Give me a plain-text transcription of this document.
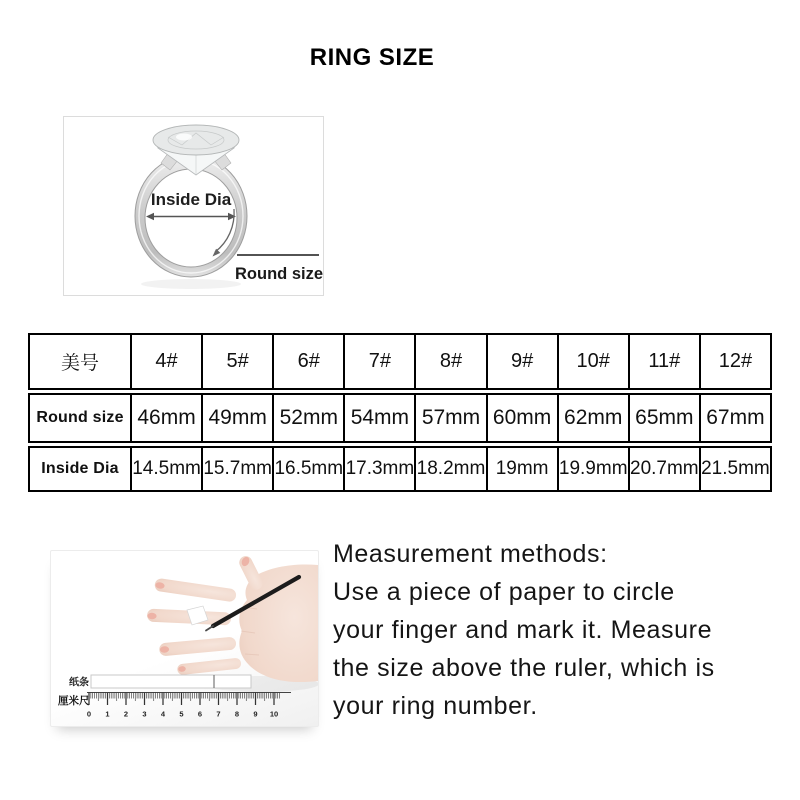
RING SIZE
Inside Dia
Round size
美号	4#	5#	6#	7#	8#	9#	10#	11#	12#
Round size 46mm 49mm 52mm 54mm 57mm 60mm 62mm 65mm 67mm
Inside Dia 14.5mm 15.7mm 16.5mm 17.3mm 18.2mm 19mm 19.9mm 20.7mm 21.5mm
纸条
厘米尺
0 1 2 3 4 5 6 7 8 9 10
Measurement methods:
Use a piece of paper to circle
your finger and mark it. Measure
the size above the ruler, which is
your ring number.
